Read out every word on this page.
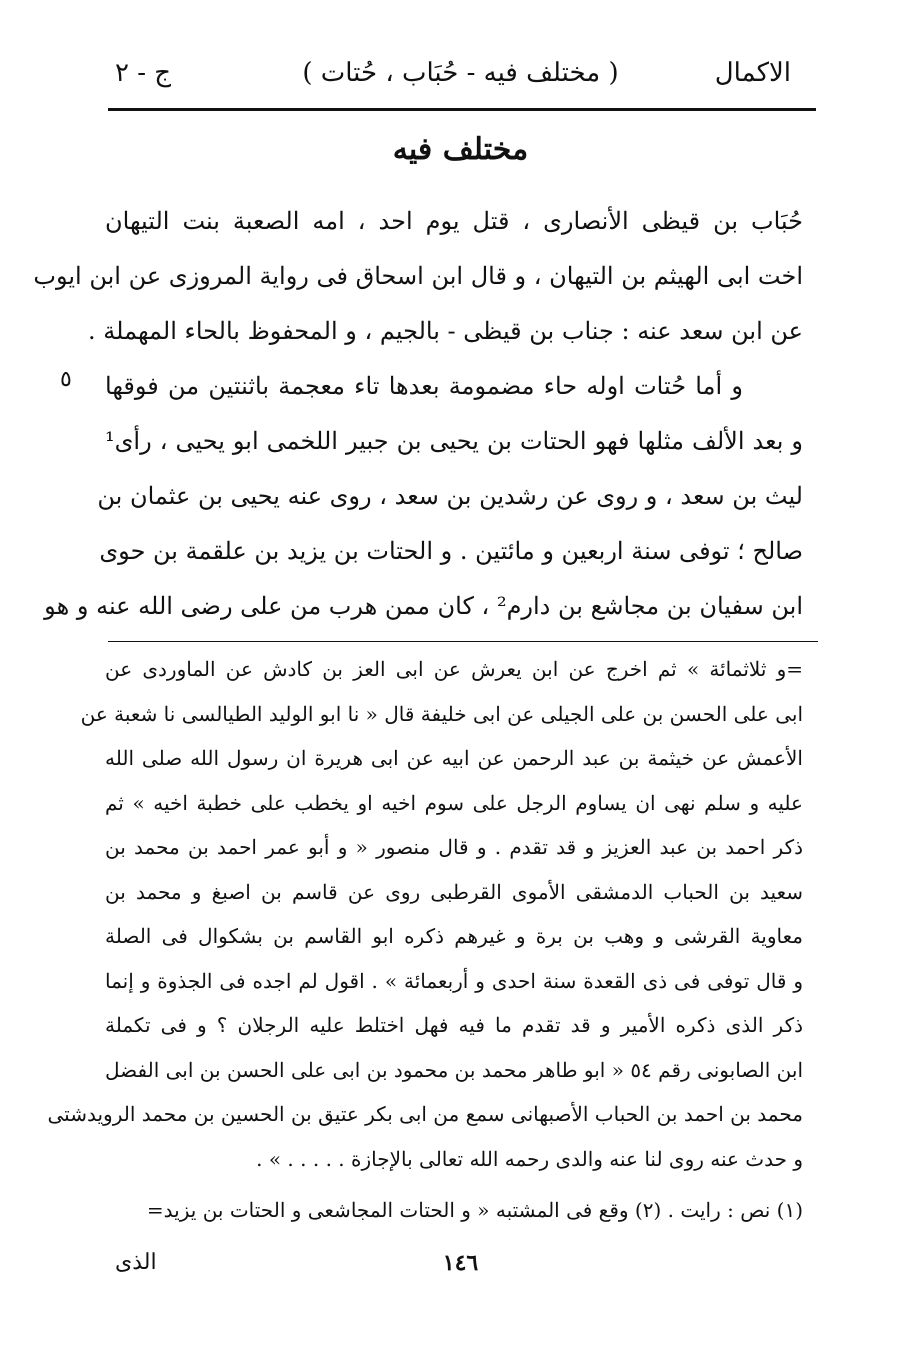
الاكمال
( مختلف فيه - حُبَاب ، حُتات )
ج - ٢
مختلف فيه
حُبَاب بن قيظى الأنصارى ، قتل يوم احد ، امه الصعبة بنت التيهان
اخت ابى الهيثم بن التيهان ، و قال ابن اسحاق فى رواية المروزى عن ابن ايوب
عن ابن سعد عنه : جناب بن قيظى - بالجيم ، و المحفوظ بالحاء المهملة .
و أما حُتات اوله حاء مضمومة بعدها تاء معجمة باثنتين من فوقها
و بعد الألف مثلها فهو الحتات بن يحيى بن جبير اللخمى ابو يحيى ، رأى¹
ليث بن سعد ، و روى عن رشدين بن سعد ، روى عنه يحيى بن عثمان بن
صالح ؛ توفى سنة اربعين و مائتين . و الحتات بن يزيد بن علقمة بن حوى
ابن سفيان بن مجاشع بن دارم² ، كان ممن هرب من على رضى الله عنه و هو
٥
=و ثلاثمائة » ثم اخرج عن ابن يعرش عن ابى العز بن كادش عن الماوردى عن
ابى على الحسن بن على الجيلى عن ابى خليفة قال « نا ابو الوليد الطيالسى نا شعبة عن
الأعمش عن خيثمة بن عبد الرحمن عن ابيه عن ابى هريرة ان رسول الله صلى الله
عليه و سلم نهى ان يساوم الرجل على سوم اخيه او يخطب على خطبة اخيه » ثم
ذكر احمد بن عبد العزيز و قد تقدم . و قال منصور « و أبو عمر احمد بن محمد بن
سعيد بن الحباب الدمشقى الأموى القرطبى روى عن قاسم بن اصبغ و محمد بن
معاوية القرشى و وهب بن برة و غيرهم ذكره ابو القاسم بن بشكوال فى الصلة
و قال توفى فى ذى القعدة سنة احدى و أربعمائة » . اقول لم اجده فى الجذوة و إنما
ذكر الذى ذكره الأمير و قد تقدم ما فيه فهل اختلط عليه الرجلان ؟ و فى تكملة
ابن الصابونى رقم ٥٤ « ابو طاهر محمد بن محمود بن ابى على الحسن بن ابى الفضل
محمد بن احمد بن الحباب الأصبهانى سمع من ابى بكر عتيق بن الحسين بن محمد الرويدشتى
و حدث عنه روى لنا عنه والدى رحمه الله تعالى بالإجازة . . . . . » .
(١) نص : رايت . (٢) وقع فى المشتبه « و الحتات المجاشعى و الحتات بن يزيد=
الذى	١٤٦
